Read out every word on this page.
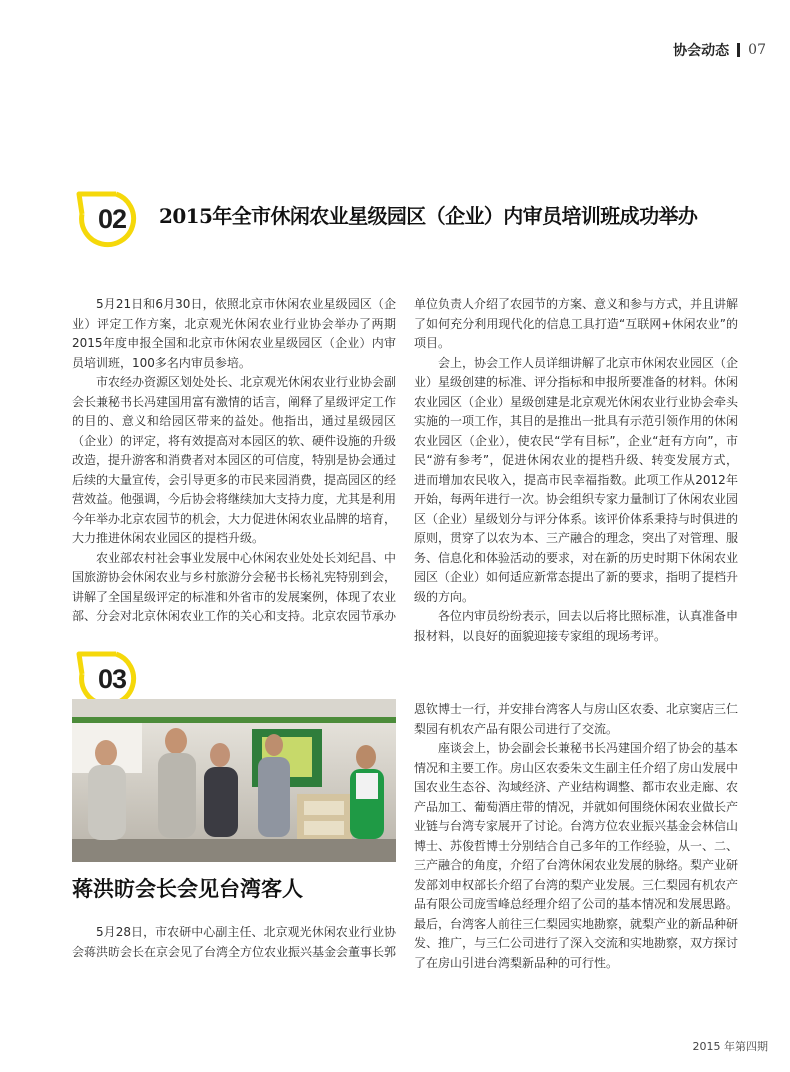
协会动态 07
02	2015年全市休闲农业星级园区（企业）内审员培训班成功举办

5月21日和6月30日，依照北京市休闲农业星级园区（企业）评定工作方案，北京观光休闲农业行业协会举办了两期2015年度申报全国和北京市休闲农业星级园区（企业）内审员培训班，100多名内审员参培。

市农经办资源区划处处长、北京观光休闲农业行业协会副会长兼秘书长冯建国用富有激情的话言，阐释了星级评定工作的目的、意义和给园区带来的益处。他指出，通过星级园区（企业）的评定，将有效提高对本园区的软、硬件设施的升级改造，提升游客和消费者对本园区的可信度，特别是协会通过后续的大量宣传，会引导更多的市民来园消费，提高园区的经营效益。他强调，今后协会将继续加大支持力度，尤其是利用今年举办北京农园节的机会，大力促进休闲农业品牌的培育，大力推进休闲农业园区的提档升级。

农业部农村社会事业发展中心休闲农业处处长刘纪昌、中国旅游协会休闲农业与乡村旅游分会秘书长杨礼宪特别到会，讲解了全国星级评定的标准和外省市的发展案例，体现了农业部、分会对北京休闲农业工作的关心和支持。北京农园节承办

单位负责人介绍了农园节的方案、意义和参与方式，并且讲解了如何充分利用现代化的信息工具打造“互联网+休闲农业”的项目。

会上，协会工作人员详细讲解了北京市休闲农业园区（企业）星级创建的标准、评分指标和申报所要准备的材料。休闲农业园区（企业）星级创建是北京观光休闲农业行业协会牵头实施的一项工作，其目的是推出一批具有示范引领作用的休闲农业园区（企业），使农民“学有目标”，企业“赶有方向”，市民“游有参考”，促进休闲农业的提档升级、转变发展方式，进而增加农民收入，提高市民幸福指数。此项工作从2012年开始，每两年进行一次。协会组织专家力量制订了休闲农业园区（企业）星级划分与评分体系。该评价体系秉持与时俱进的原则，贯穿了以农为本、三产融合的理念，突出了对管理、服务、信息化和体验活动的要求，对在新的历史时期下休闲农业园区（企业）如何适应新常态提出了新的要求，指明了提档升级的方向。

各位内审员纷纷表示，回去以后将比照标准，认真准备申报材料，以良好的面貌迎接专家组的现场考评。

03
蒋洪昉会长会见台湾客人

5月28日，市农研中心副主任、北京观光休闲农业行业协会蒋洪昉会长在京会见了台湾全方位农业振兴基金会董事长郭

恩钦博士一行，并安排台湾客人与房山区农委、北京窦店三仁梨园有机农产品有限公司进行了交流。

座谈会上，协会副会长兼秘书长冯建国介绍了协会的基本情况和主要工作。房山区农委朱文生副主任介绍了房山发展中国农业生态谷、沟域经济、产业结构调整、都市农业走廊、农产品加工、葡萄酒庄带的情况，并就如何围绕休闲农业做长产业链与台湾专家展开了讨论。台湾方位农业振兴基金会林信山博士、苏俊哲博士分别结合自己多年的工作经验，从一、二、三产融合的角度，介绍了台湾休闲农业发展的脉络。梨产业研发部刘申权部长介绍了台湾的梨产业发展。三仁梨园有机农产品有限公司庞雪峰总经理介绍了公司的基本情况和发展思路。最后，台湾客人前往三仁梨园实地勘察，就梨产业的新品种研发、推广，与三仁公司进行了深入交流和实地勘察，双方探讨了在房山引进台湾梨新品种的可行性。

2015 年第四期
